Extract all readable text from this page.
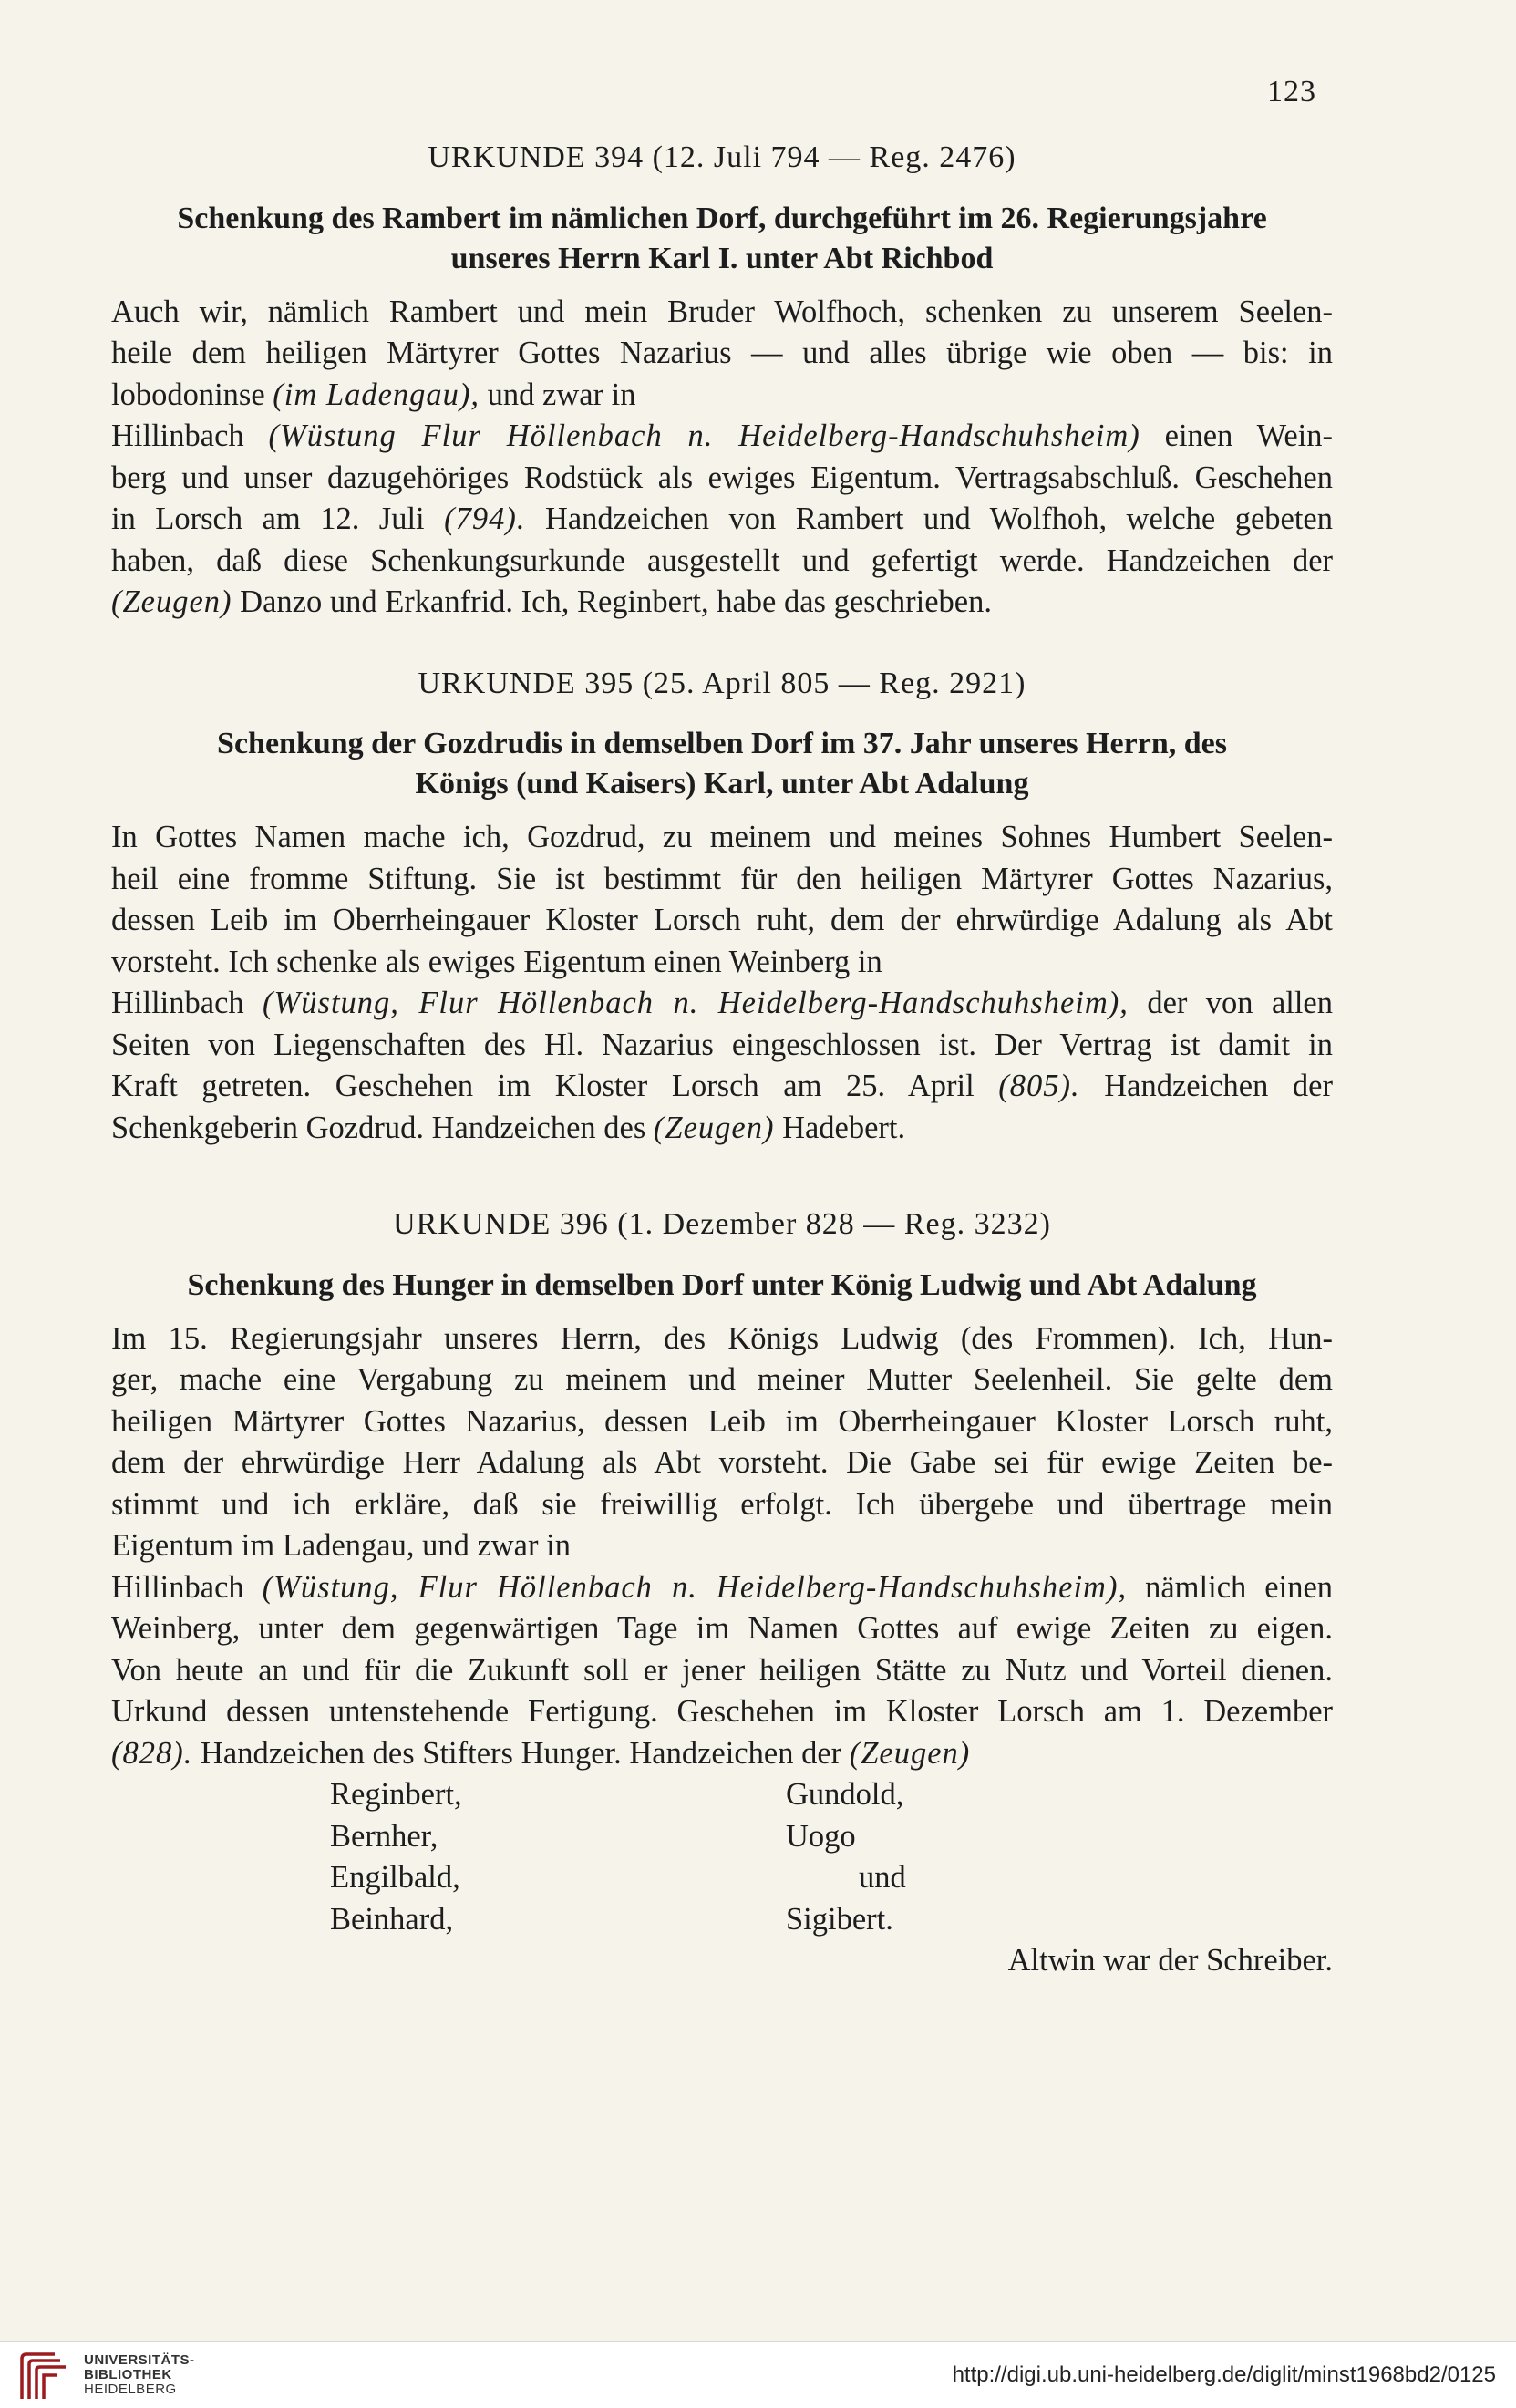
123
URKUNDE 394 (12. Juli 794 — Reg. 2476)
Schenkung des Rambert im nämlichen Dorf, durchgeführt im 26. Regierungsjahre
unseres Herrn Karl I. unter Abt Richbod
Auch wir, nämlich Rambert und mein Bruder Wolfhoch, schenken zu unserem Seelen-
heile dem heiligen Märtyrer Gottes Nazarius — und alles übrige wie oben — bis: in
lobodoninse (im Ladengau), und zwar in
Hillinbach (Wüstung Flur Höllenbach n. Heidelberg-Handschuhsheim) einen Wein-
berg und unser dazugehöriges Rodstück als ewiges Eigentum. Vertragsabschluß. Geschehen
in Lorsch am 12. Juli (794). Handzeichen von Rambert und Wolfhoh, welche gebeten
haben, daß diese Schenkungsurkunde ausgestellt und gefertigt werde. Handzeichen der
(Zeugen) Danzo und Erkanfrid. Ich, Reginbert, habe das geschrieben.
URKUNDE 395 (25. April 805 — Reg. 2921)
Schenkung der Gozdrudis in demselben Dorf im 37. Jahr unseres Herrn, des
Königs (und Kaisers) Karl, unter Abt Adalung
In Gottes Namen mache ich, Gozdrud, zu meinem und meines Sohnes Humbert Seelen-
heil eine fromme Stiftung. Sie ist bestimmt für den heiligen Märtyrer Gottes Nazarius,
dessen Leib im Oberrheingauer Kloster Lorsch ruht, dem der ehrwürdige Adalung als Abt
vorsteht. Ich schenke als ewiges Eigentum einen Weinberg in
Hillinbach (Wüstung, Flur Höllenbach n. Heidelberg-Handschuhsheim), der von allen
Seiten von Liegenschaften des Hl. Nazarius eingeschlossen ist. Der Vertrag ist damit in
Kraft getreten. Geschehen im Kloster Lorsch am 25. April (805). Handzeichen der
Schenkgeberin Gozdrud. Handzeichen des (Zeugen) Hadebert.
URKUNDE 396 (1. Dezember 828 — Reg. 3232)
Schenkung des Hunger in demselben Dorf unter König Ludwig und Abt Adalung
Im 15. Regierungsjahr unseres Herrn, des Königs Ludwig (des Frommen). Ich, Hun-
ger, mache eine Vergabung zu meinem und meiner Mutter Seelenheil. Sie gelte dem
heiligen Märtyrer Gottes Nazarius, dessen Leib im Oberrheingauer Kloster Lorsch ruht,
dem der ehrwürdige Herr Adalung als Abt vorsteht. Die Gabe sei für ewige Zeiten be-
stimmt und ich erkläre, daß sie freiwillig erfolgt. Ich übergebe und übertrage mein
Eigentum im Ladengau, und zwar in
Hillinbach (Wüstung, Flur Höllenbach n. Heidelberg-Handschuhsheim), nämlich einen
Weinberg, unter dem gegenwärtigen Tage im Namen Gottes auf ewige Zeiten zu eigen.
Von heute an und für die Zukunft soll er jener heiligen Stätte zu Nutz und Vorteil dienen.
Urkund dessen untenstehende Fertigung. Geschehen im Kloster Lorsch am 1. Dezember
(828). Handzeichen des Stifters Hunger. Handzeichen der (Zeugen)
Reginbert,	Gundold,
Bernher,	Uogo
Engilbald,	und
Beinhard,	Sigibert.
Altwin war der Schreiber.
UNIVERSITÄTS-
BIBLIOTHEK
HEIDELBERG
http://digi.ub.uni-heidelberg.de/diglit/minst1968bd2/0125
